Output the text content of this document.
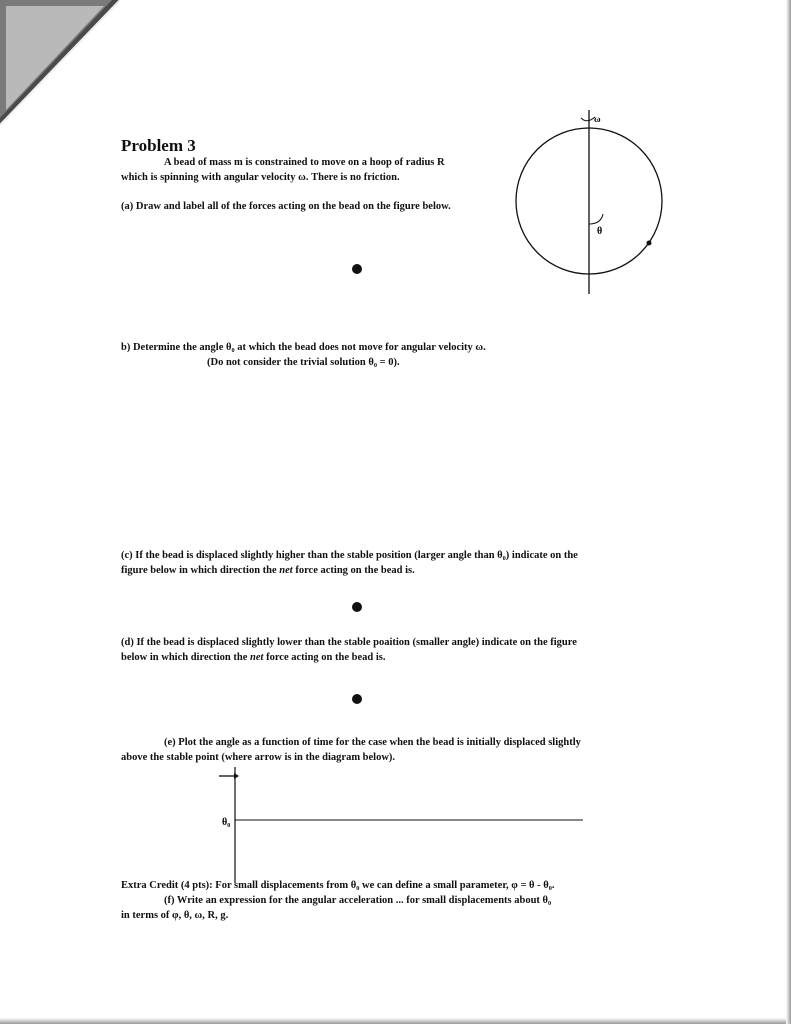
Problem 3
A bead of mass m is constrained to move on a hoop of radius R
which is spinning with angular velocity ω. There is no friction.
(a) Draw and label all of the forces acting on the bead on the figure below.
ω
θ
b) Determine the angle θ₀ at which the bead does not move for angular velocity ω.
(Do not consider the trivial solution θ₀ = 0).
(c) If the bead is displaced slightly higher than the stable position (larger angle than θ₀) indicate on the
figure below in which direction the net force acting on the bead is.
(d) If the bead is displaced slightly lower than the stable poaition (smaller angle) indicate on the figure
below in which direction the net force acting on the bead is.
(e) Plot the angle as a function of time for the case when the bead is initially displaced slightly
above the stable point (where arrow is in the diagram below).
θ₀
Extra Credit (4 pts): For small displacements from θ₀ we can define a small parameter, φ = θ - θ₀.
(f) Write an expression for the angular acceleration ... for small displacements about θ₀
in terms of φ, θ, ω, R, g.
